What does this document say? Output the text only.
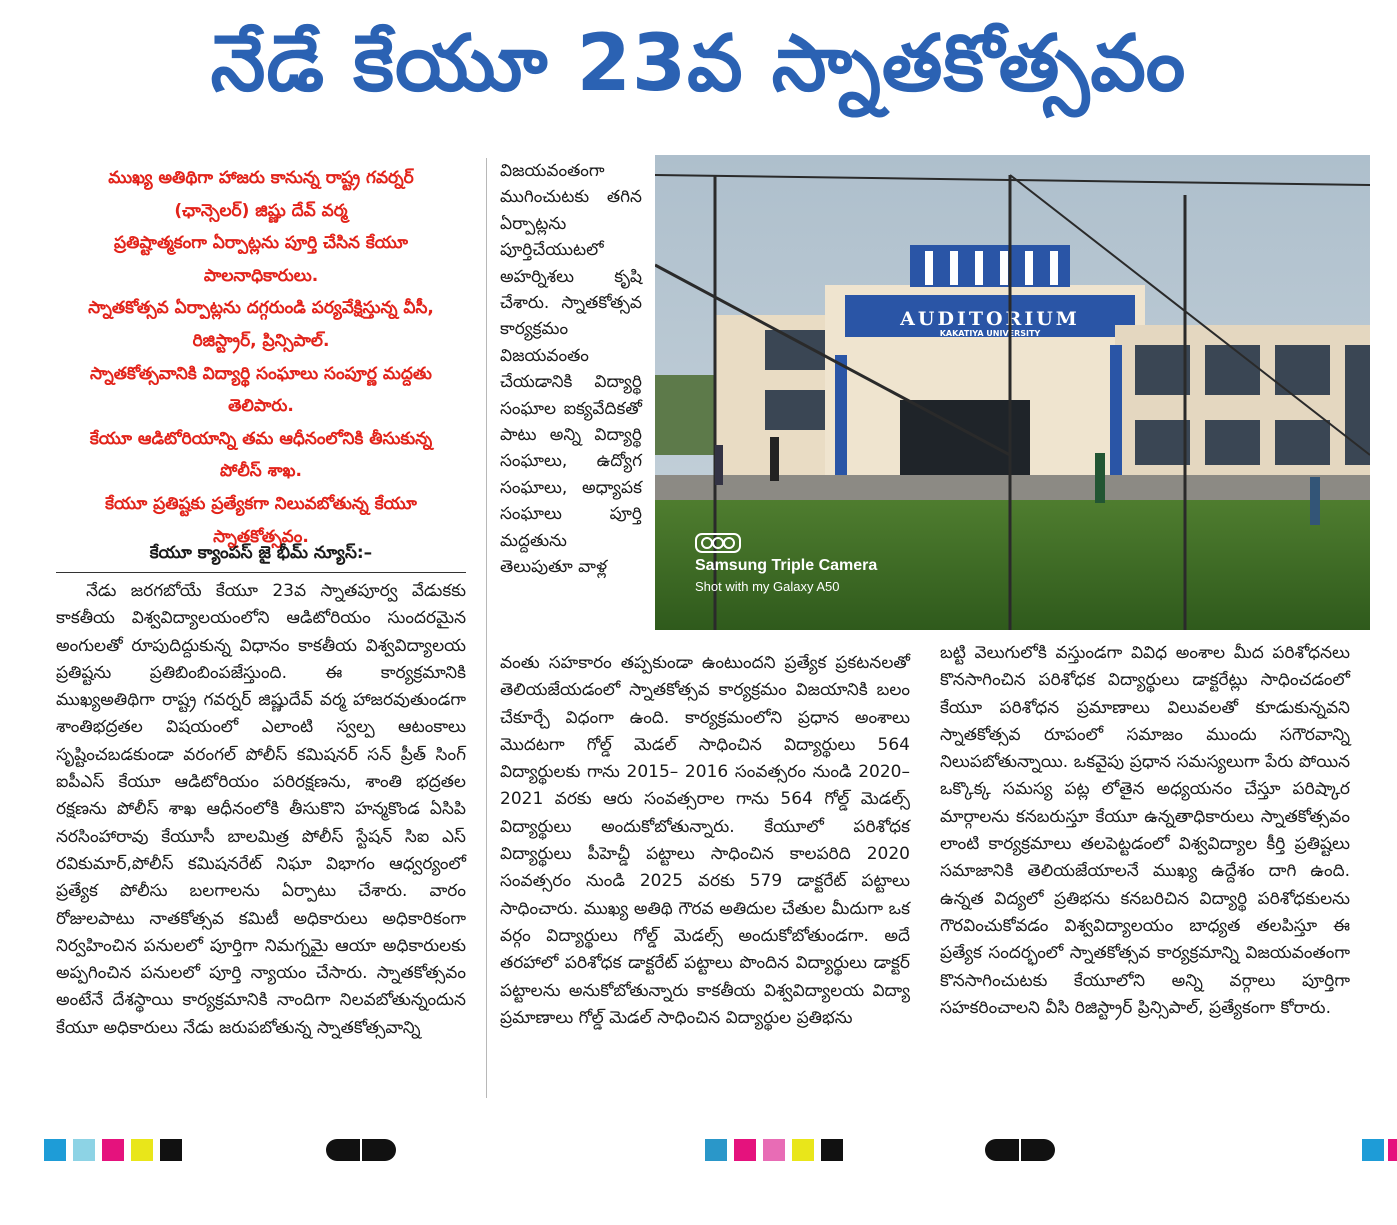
నేడే కేయూ 23వ స్నాతకోత్సవం

ముఖ్య అతిథిగా హాజరు కానున్న రాష్ట్ర గవర్నర్

(ఛాన్సెలర్) జిష్ణు దేవ్ వర్మ

ప్రతిష్టాత్మకంగా ఏర్పాట్లను పూర్తి చేసిన కేయూ

పాలనాధికారులు.

స్నాతకోత్సవ ఏర్పాట్లను దగ్గరుండి పర్యవేక్షిస్తున్న వీసీ,

రిజిస్ట్రార్, ప్రిన్సిపాల్.

స్నాతకోత్సవానికి విద్యార్థి సంఘాలు సంపూర్ణ మద్దతు

తెలిపారు.

కేయూ ఆడిటోరియాన్ని తమ ఆధీనంలోనికి తీసుకున్న

పోలీస్ శాఖ.

కేయూ ప్రతిష్టకు ప్రత్యేకగా నిలువబోతున్న కేయూ

స్నాతకోత్సవం.

కేయూ క్యాంపస్ జై భీమ్ న్యూస్:–

నేడు జరగబోయే కేయూ 23వ స్నాతపూర్వ వేడుకకు కాకతీయ విశ్వవిద్యాలయంలోని ఆడిటోరియం సుందరమైన అంగులతో రూపుదిద్దుకున్న విధానం కాకతీయ విశ్వవిద్యాలయ ప్రతిష్టను ప్రతిబింబింపజేస్తుంది. ఈ కార్యక్రమానికి ముఖ్యఅతిథిగా రాష్ట్ర గవర్నర్ జిష్ణుదేవ్ వర్మ హాజరవుతుండగా శాంతిభద్రతల విషయంలో ఎలాంటి స్వల్ప ఆటంకాలు సృష్టించబడకుండా వరంగల్ పోలీస్ కమిషనర్ సన్ ప్రీత్ సింగ్ ఐపీఎస్ కేయూ ఆడిటోరియం పరిరక్షణను, శాంతి భద్రతల రక్షణను పోలీస్ శాఖ ఆధీనంలోకి తీసుకొని హన్మకొండ ఏసిపి నరసింహారావు కేయూసీ బాలమిత్ర పోలీస్ స్టేషన్ సిఐ ఎస్ రవికుమార్,పోలీస్ కమిషనరేట్ నిఘా విభాగం ఆధ్వర్యంలో ప్రత్యేక పోలీసు బలగాలను ఏర్పాటు చేశారు. వారం రోజులపాటు నాతకోత్సవ కమిటీ అధికారులు అధికారికంగా నిర్వహించిన పనులలో పూర్తిగా నిమగ్నమై ఆయా అధికారులకు అప్పగించిన పనులలో పూర్తి న్యాయం చేసారు. స్నాతకోత్సవం అంటేనే దేశస్థాయి కార్యక్రమానికి నాందిగా నిలవబోతున్నందున కేయూ అధికారులు నేడు జరుపబోతున్న స్నాతకోత్సవాన్ని

విజయవంతంగా ముగించుటకు తగిన ఏర్పాట్లను పూర్తిచేయుటలో అహర్నిశలు కృషి చేశారు. స్నాతకోత్సవ కార్యక్రమం విజయవంతం చేయడానికి విద్యార్థి సంఘాల ఐక్యవేదికతో పాటు అన్ని విద్యార్థి సంఘాలు, ఉద్యోగ సంఘాలు, అధ్యాపక సంఘాలు పూర్తి మద్దతును తెలుపుతూ వాళ్ల

AUDITORIUM
KAKATIYA UNIVERSITY
Samsung Triple Camera
Shot with my Galaxy A50

వంతు సహకారం తప్పకుండా ఉంటుందని ప్రత్యేక ప్రకటనలతో తెలియజేయడంలో స్నాతకోత్సవ కార్యక్రమం విజయానికి బలం చేకూర్చే విధంగా ఉంది. కార్యక్రమంలోని ప్రధాన అంశాలు మొదటగా గోల్డ్ మెడల్ సాధించిన విద్యార్థులు 564 విద్యార్థులకు గాను 2015– 2016 సంవత్సరం నుండి 2020–2021 వరకు ఆరు సంవత్సరాల గాను 564 గోల్డ్ మెడల్స్ విద్యార్థులు అందుకోబోతున్నారు. కేయూలో పరిశోధక విద్యార్థులు పీహెచ్డీ పట్టాలు సాధించిన కాలపరిది 2020 సంవత్సరం నుండి 2025 వరకు 579 డాక్టరేట్ పట్టాలు సాధించారు. ముఖ్య అతిథి గౌరవ అతిదుల చేతుల మీదుగా ఒక వర్గం విద్యార్థులు గోల్డ్ మెడల్స్ అందుకోబోతుండగా. అదే తరహాలో పరిశోధక డాక్టరేట్ పట్టాలు పొందిన విద్యార్థులు డాక్టర్ పట్టాలను అనుకోబోతున్నారు కాకతీయ విశ్వవిద్యాలయ విద్యా ప్రమాణాలు గోల్డ్ మెడల్ సాధించిన విద్యార్థుల ప్రతిభను

బట్టి వెలుగులోకి వస్తుండగా వివిధ అంశాల మీద పరిశోధనలు కొనసాగించిన పరిశోధక విద్యార్థులు డాక్టరేట్లు సాధించడంలో కేయూ పరిశోధన ప్రమాణాలు విలువలతో కూడుకున్నవని స్నాతకోత్సవ రూపంలో సమాజం ముందు సగౌరవాన్ని నిలుపబోతున్నాయి. ఒకవైపు ప్రధాన సమస్యలుగా పేరు పోయిన ఒక్కొక్క సమస్య పట్ల లోతైన అధ్యయనం చేస్తూ పరిష్కార మార్గాలను కనబరుస్తూ కేయూ ఉన్నతాధికారులు స్నాతకోత్సవం లాంటి కార్యక్రమాలు తలపెట్టడంలో విశ్వవిద్యాల కీర్తి ప్రతిష్టలు సమాజానికి తెలియజేయాలనే ముఖ్య ఉద్దేశం దాగి ఉంది. ఉన్నత విద్యలో ప్రతిభను కనబరిచిన విద్యార్థి పరిశోధకులను గౌరవించుకోవడం విశ్వవిద్యాలయం బాధ్యత తలపిస్తూ ఈ ప్రత్యేక సందర్భంలో స్నాతకోత్సవ కార్యక్రమాన్ని విజయవంతంగా కొనసాగించుటకు కేయూలోని అన్ని వర్గాలు పూర్తిగా సహకరించాలని వీసి రిజిస్ట్రార్ ప్రిన్సిపాల్, ప్రత్యేకంగా కోరారు.
